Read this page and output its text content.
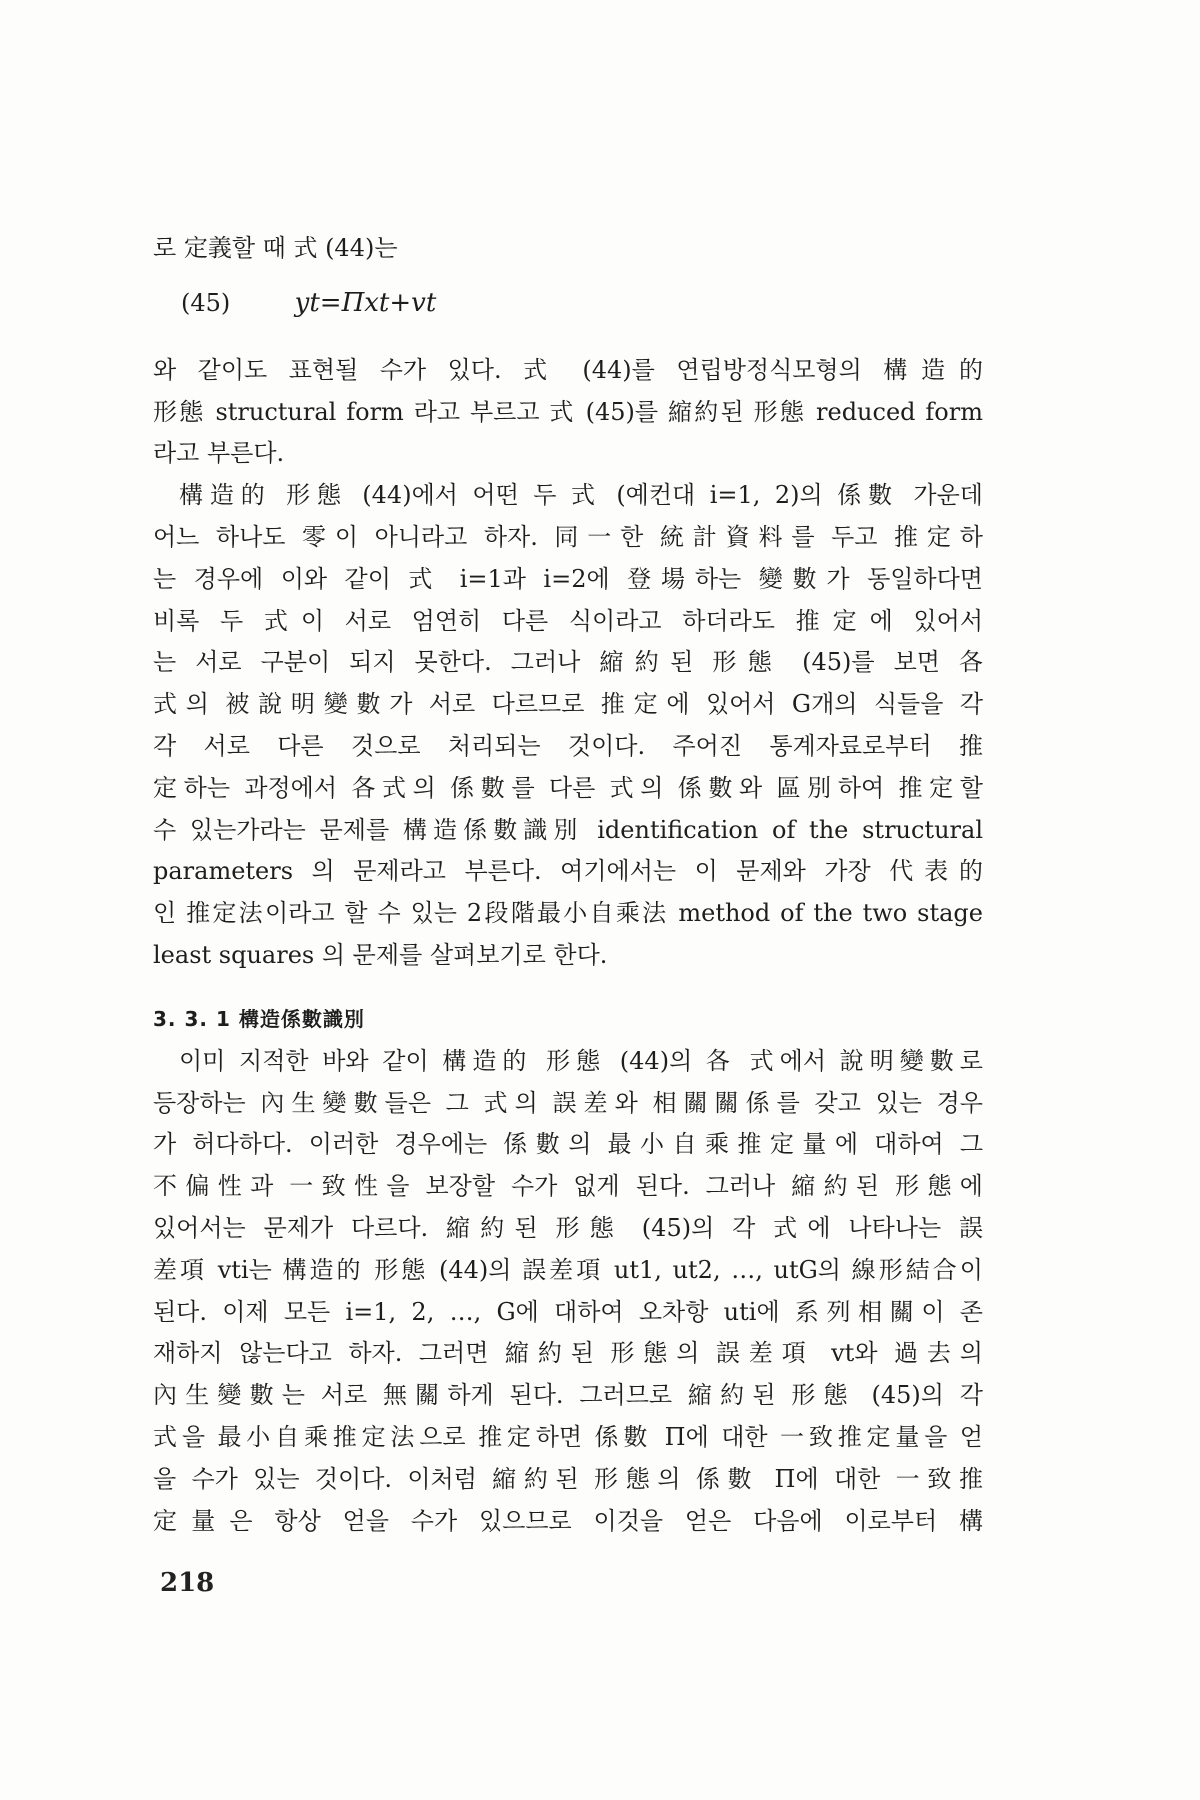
로 定義할 때 式 (44)는
(45) yt=Πxt+vt
와 같이도 표현될 수가 있다. 式 (44)를 연립방정식모형의 構造的
形態 structural form 라고 부르고 式 (45)를 縮約된 形態 reduced form
라고 부른다.
構造的 形態 (44)에서 어떤 두 式 (예컨대 i=1, 2)의 係數 가운데
어느 하나도 零이 아니라고 하자. 同一한 統計資料를 두고 推定하
는 경우에 이와 같이 式 i=1과 i=2에 登場하는 變數가 동일하다면
비록 두 式이 서로 엄연히 다른 식이라고 하더라도 推定에 있어서
는 서로 구분이 되지 못한다. 그러나 縮約된 形態 (45)를 보면 各
式의 被說明變數가 서로 다르므로 推定에 있어서 G개의 식들을 각
각 서로 다른 것으로 처리되는 것이다. 주어진 통계자료로부터 推
定하는 과정에서 各式의 係數를 다른 式의 係數와 區別하여 推定할
수 있는가라는 문제를 構造係數識別 identification of the structural
parameters 의 문제라고 부른다. 여기에서는 이 문제와 가장 代表的
인 推定法이라고 할 수 있는 2段階最小自乘法 method of the two stage
least squares 의 문제를 살펴보기로 한다.
3. 3. 1 構造係數識別
이미 지적한 바와 같이 構造的 形態 (44)의 各 式에서 說明變數로
등장하는 內生變數들은 그 式의 誤差와 相關關係를 갖고 있는 경우
가 허다하다. 이러한 경우에는 係數의 最小自乘推定量에 대하여 그
不偏性과 一致性을 보장할 수가 없게 된다. 그러나 縮約된 形態에
있어서는 문제가 다르다. 縮約된 形態 (45)의 각 式에 나타나는 誤
差項 vti는 構造的 形態 (44)의 誤差項 ut1, ut2, …, utG의 線形結合이
된다. 이제 모든 i=1, 2, …, G에 대하여 오차항 uti에 系列相關이 존
재하지 않는다고 하자. 그러면 縮約된 形態의 誤差項 vt와 過去의
內生變數는 서로 無關하게 된다. 그러므로 縮約된 形態 (45)의 각
式을 最小自乘推定法으로 推定하면 係數 Π에 대한 一致推定量을 얻
을 수가 있는 것이다. 이처럼 縮約된 形態의 係數 Π에 대한 一致推
定量은 항상 얻을 수가 있으므로 이것을 얻은 다음에 이로부터 構
218
